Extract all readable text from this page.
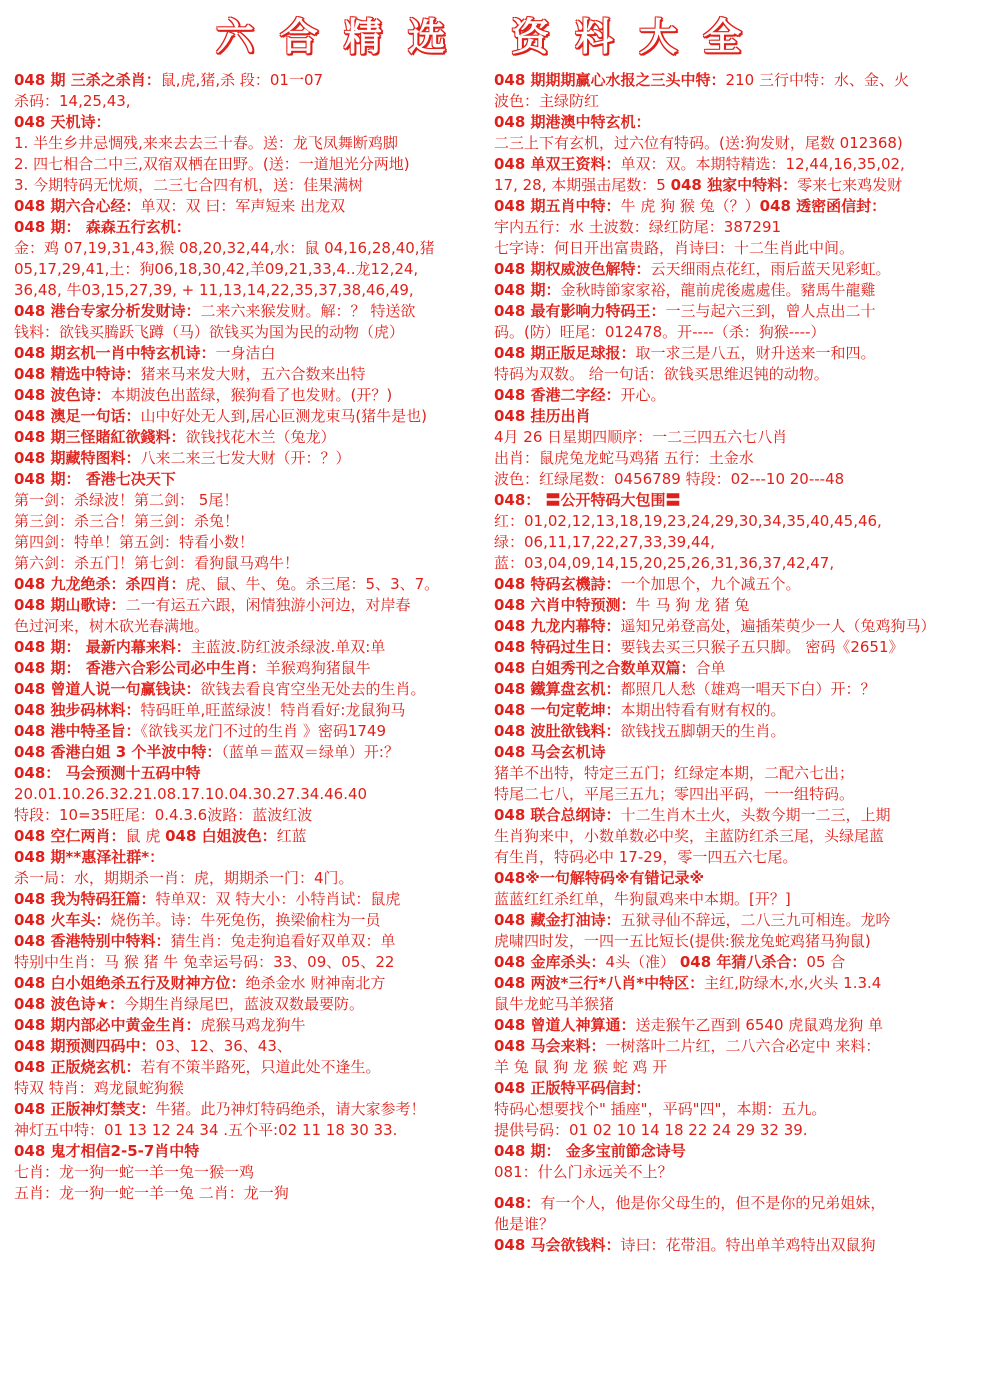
六合精选 资料大全
048 期 三杀之杀肖：鼠,虎,猪,杀 段：01一07
杀码：14,25,43,
048 天机诗：
1. 半生乡井忌惆残,来来去去三十春。送：龙飞凤舞断鸡脚
2. 四七相合二中三,双宿双栖在田野。(送：一道旭光分两地)
3. 今期特码无忧烦，二三七合四有机，送：佳果满树
048 期六合心经：单双：双 曰：军声短来 出龙双
048 期： 森森五行玄机：
金：鸡 07,19,31,43,猴 08,20,32,44,水：鼠 04,16,28,40,猪
05,17,29,41,土：狗06,18,30,42,羊09,21,33,4..龙12,24,
36,48, 牛03,15,27,39, + 11,13,14,22,35,37,38,46,49,
048 港台专家分析发财诗：二来六来猴发财。解：？ 特送欲
钱料：欲钱买腾跃飞蹲（马）欲钱买为国为民的动物（虎）
048 期玄机一肖中特玄机诗：一身洁白
048 精选中特诗：猪来马来发大财，五六合数来出特
048 波色诗：本期波色出蓝绿，猴狗看了也发财。(开？)
048 澳足一句话：山中好处无人到,居心叵测龙束马(猪牛是也)
048 期三怪賭紅欲錢料：欲钱找花木兰（兔龙）
048 期藏特图料：八来二来三七发大财（开：？）
048 期： 香港七决天下
第一剑：杀绿波！第二剑： 5尾！
第三剑：杀三合！第三剑：杀兔！
第四剑：特单！第五剑：特看小数！
第六剑：杀五门！第七剑：看狗鼠马鸡牛！
048 九龙绝杀：杀四肖：虎、鼠、牛、兔。杀三尾：5、3、7。
048 期山歌诗：二一有运五六跟，闲情独游小河边，对岸春
色过河来，树木砍光春满地。
048 期： 最新内幕来料：主蓝波.防红波杀绿波.单双:单
048 期： 香港六合彩公司必中生肖：羊猴鸡狗猪鼠牛
048 曾道人说一句赢钱诀：欲钱去看良宵空坐无处去的生肖。
048 独步码林料：特码旺单,旺蓝绿波！特肖看好:龙鼠狗马
048 港中特圣旨：《欲钱买龙门不过的生肖 》密码1749
048 香港白姐 3 个半波中特：（蓝单＝蓝双＝绿单）开:？
048： 马会预测十五码中特
20.01.10.26.32.21.08.17.10.04.30.27.34.46.40
特段：10=35旺尾：0.4.3.6波路：蓝波红波
048 空仁两肖：鼠 虎 048 白姐波色：红蓝
048 期**惠泽社群*：
杀一局：水，期期杀一肖：虎，期期杀一门：4门。
048 我为特码狂篇：特单双：双 特大小：小特肖试：鼠虎
048 火车头：烧伤羊。诗：牛死兔伤，换梁偷柱为一员
048 香港特别中特料：猜生肖：兔走狗追看好双单双：单
特别中生肖：马 猴 猪 牛 兔幸运号码：33、09、05、22
048 白小姐绝杀五行及财神方位：绝杀金水 财神南北方
048 波色诗★：今期生肖绿尾巴，蓝波双数最要防。
048 期内部必中黄金生肖：虎猴马鸡龙狗牛
048 期预测四码中：03、12、36、43、
048 正版烧玄机：若有不策半路死，只道此处不逢生。
特双 特肖：鸡龙鼠蛇狗猴
048 正版神灯禁支：牛猪。此乃神灯特码绝杀，请大家参考！
神灯五中特：01 13 12 24 34 .五个平:02 11 18 30 33.
048 鬼才相信2-5-7肖中特
七肖：龙一狗一蛇一羊一兔一猴一鸡
五肖：龙一狗一蛇一羊一兔 二肖：龙一狗
048 期期期赢心水报之三头中特：210 三行中特：水、金、火
波色：主绿防红
048 期港澳中特玄机：
二三上下有玄机，过六位有特码。(送:狗发财，尾数 012368)
048 单双王资料：单双：双。本期特精选：12,44,16,35,02,
17, 28, 本期强击尾数：5 048 独家中特料：零来七来鸡发财
048 期五肖中特：牛 虎 狗 猴 兔（？）048 透密函信封：
宇内五行：水 土波数：绿红防尾：387291
七字诗：何日开出富贵路，肖诗曰：十二生肖此中间。
048 期权威波色解特：云天细雨点花红，雨后蓝天见彩虹。
048 期：金秋時節家家裕，龍前虎後處處佳。豬馬牛龍雞
048 最有影响力特码王：一三与起六三到，曾人点出二十
码。(防）旺尾：012478。开----（杀：狗猴----）
048 期正版足球报：取一求三是八五，财升送来一和四。
特码为双数。 给一句话：欲钱买思维迟钝的动物。
048 香港二字经：开心。
048 挂历出肖
4月 26 日星期四顺序：一二三四五六七八肖
出肖：鼠虎兔龙蛇马鸡猪 五行：土金水
波色：红绿尾数：0456789 特段：02---10 20---48
048： 〓公开特码大包围〓
红：01,02,12,13,18,19,23,24,29,30,34,35,40,45,46,
绿：06,11,17,22,27,33,39,44,
蓝：03,04,09,14,15,20,25,26,31,36,37,42,47,
048 特码玄機詩：一个加思个，九个减五个。
048 六肖中特预测：牛 马 狗 龙 猪 兔
048 九龙内幕特：遥知兄弟登高处，遍插茱萸少一人（兔鸡狗马）
048 特码过生日：要钱去买三只猴子五只脚。 密码《2651》
048 白姐秀刊之合数单双篇：合单
048 鐵算盘玄机：都照几人愁（雄鸡一唱天下白）开：？
048 一句定乾坤：本期出特看有财有权的。
048 波肚欲钱料：欲钱找五脚朝天的生肖。
048 马会玄机诗
猪羊不出特，特定三五门；红绿定本期，二配六七出；
特尾二七八，平尾三五九；零四出平码，一一组特码。
048 联合总纲诗：十二生肖木土火，头数今期一二三，上期
生肖狗来中，小数单数必中奖，主蓝防红杀三尾，头绿尾蓝
有生肖，特码必中 17-29，零一四五六七尾。
048※一句解特码※有错记录※
蓝蓝红红杀红单，牛狗鼠鸡来中本期。[开？]
048 藏金打油诗：五狱寻仙不辞远，二八三九可相连。龙吟
虎啸四时发，一四一五比短长(提供:猴龙兔蛇鸡猪马狗鼠)
048 金库杀头：4头（准） 048 年猜八杀合：05 合
048 两波*三行*八肖*中特区：主红,防绿木,水,火头 1.3.4
鼠牛龙蛇马羊猴猪
048 曾道人神算通：送走猴午乙酉到 6540 虎鼠鸡龙狗 单
048 马会来料：一树落叶二片红，二八六合必定中 来料：
羊 兔 鼠 狗 龙 猴 蛇 鸡 开
048 正版特平码信封：
特码心想要找个" 插座"，平码"四"，本期：五九。
提供号码：01 02 10 14 18 22 24 29 32 39.
048 期： 金多宝前節念诗号
081：什么门永远关不上？
048：有一个人，他是你父母生的，但不是你的兄弟姐妹，
他是谁？
048 马会欲钱料：诗曰：花带泪。特出单羊鸡特出双鼠狗
